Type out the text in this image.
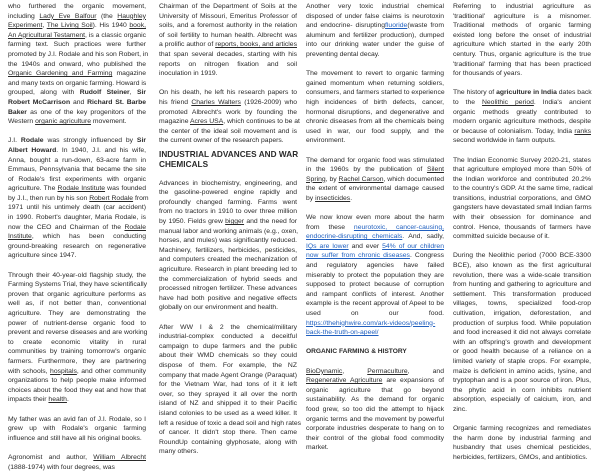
who furthered the organic movement,
including Lady Eve Balfour (the Haughley
Experiment, The Living Soil). His 1940 book,
An Agricultural Testament, is a classic organic
farming text. Such practices were further
promoted by J.I. Rodale and his son Robert, in
the 1940s and onward, who published the
Organic Gardening and Farming magazine
and many texts on organic farming. Howard is
grouped, along with Rudolf Steiner, Sir
Robert McCarrison and Richard St. Barbe
Baker as one of the key progenitors of the
Western organic agriculture movement.
J.I. Rodale was strongly influenced by Sir
Albert Howard. In 1940, J.I. and his wife,
Anna, bought a run-down, 63-acre farm in
Emmaus, Pennsylvania that became the site
of Rodale's first experiments with organic
agriculture. The Rodale Institute was founded
by J.I., then run by his son Robert Rodale from
1971 until his untimely death (car accident)
in 1990. Robert's daughter, Maria Rodale, is
now the CEO and Chairman of the Rodale
Institute, which has been conducting
ground-breaking research on regenerative
agriculture since 1947.
Through their 40-year-old flagship study, the
Farming Systems Trial, they have scientifically
proven that organic agriculture performs as
well as, if not better than, conventional
agriculture. They are demonstrating the
power of nutrient-dense organic food to
prevent and reverse diseases and are working
to create economic vitality in rural
communities by training tomorrow's organic
farmers. Furthermore, they are partnering
with schools, hospitals, and other community
organizations to help people make informed
choices about the food they eat and how that
impacts their health.
My father was an avid fan of J.I. Rodale, so I
grew up with Rodale's organic farming
influence and still have all his original books.
Agronomist and author, William Albrecht
(1888-1974) with four degrees, was
Chairman of the Department of Soils at the
University of Missouri, Emeritus Professor of
soils, and a foremost authority in the relation
of soil fertility to human health. Albrecht was
a prolific author of reports, books, and articles
that span several decades, starting with his
reports on nitrogen fixation and soil
inoculation in 1919.
On his death, he left his research papers to
his friend Charles Walters (1926-2009) who
promoted Albrecht's work by founding the
magazine Acres USA, which continues to be at
the center of the ideal soil movement and is
the current owner of the research papers.
INDUSTRIAL ADVANCES AND WAR
CHEMICALS
Advances in biochemistry, engineering, and
the gasoline-powered engine rapidly and
profoundly changed farming. Farms went
from no tractors in 1910 to over three million
by 1950. Fields grew bigger and the need for
manual labor and working animals (e.g., oxen,
horses, and mules) was significantly reduced.
Machinery, fertilizers, herbicides, pesticides,
and computers created the mechanization of
agriculture. Research in plant breeding led to
the commercialization of hybrid seeds and
processed nitrogen fertilizer. These advances
have had both positive and negative effects
globally on our environment and health.
After WW I & 2 the chemical/military
industrial-complex conducted a deceitful
campaign to dupe farmers and the public
about their WMD chemicals so they could
dispose of them. For example, the NZ
company that made Agent Orange (Paraquat)
for the Vietnam War, had tons of it it left
over, so they sprayed it all over the north
island of NZ and shipped it to their Pacific
island colonies to be used as a weed killer. It
left a residue of toxic a dead soil and high rates
of cancer. It didn't stop there. Then came
RoundUp containing glyphosate, along with
many others.
Another very toxic industrial chemical
disposed of under false claims is neurotoxin
and endocrine- disruptingfluoride(waste from
aluminum and fertilizer production), dumped
into our drinking water under the guise of
preventing dental decay.
The movement to revert to organic farming
gained momentum when returning soldiers,
consumers, and farmers started to experience
high incidences of birth defects, cancer,
hormonal disruptions, and degenerative and
chronic diseases from all the chemicals being
used in war, our food supply, and the
environment.
The demand for organic food was stimulated
in the 1960s by the publication of Silent
Spring, by Rachel Carson, which documented
the extent of environmental damage caused
by insecticides.
We now know even more about the harm
from these neurotoxic, cancer-causing,
endocrine-disrupting chemicals. And, sadly,
IQs are lower and ever 54% of our children
now suffer from chronic diseases. Congress
and regulatory agencies have failed
miserably to protect the population they are
supposed to protect because of corruption
and rampant conflicts of interest. Another
example is the recent approval of Apeel to be
used on our food.
https://thehighwire.com/ark-videos/peeling-
back-the-truth-on-apeel/
ORGANIC FARMING & HISTORY
BioDynamic, Permaculture, and
Regenerative Agriculture are expansions of
organic agriculture that go beyond
sustainability. As the demand for organic
food grew, so too did the attempt to hijack
organic terms and the movement by powerful
corporate industries desperate to hang on to
their control of the global food commodity
market.
Referring to industrial agriculture as
'traditional' agriculture is a misnomer.
Traditional methods of organic farming
existed long before the onset of industrial
agriculture which started in the early 20th
century. Thus, organic agriculture is the true
'traditional' farming that has been practiced
for thousands of years.
The history of agriculture in India dates back
to the Neolithic period. India's ancient
organic methods greatly contributed to
modern organic agriculture methods, despite
or because of colonialism. Today, India ranks
second worldwide in farm outputs.
The Indian Economic Survey 2020-21, states
that agriculture employed more than 50% of
the Indian workforce and contributed 20.2%
to the country's GDP. At the same time, radical
transitions, industrial corporations, and GMO
gangsters have devastated small Indian farms
with their obsession for dominance and
control. Hence, thousands of farmers have
committed suicide because of it.
During the Neolithic period (7000 BCE-3300
BCE), also known as the first agricultural
revolution, there was a wide-scale transition
from hunting and gathering to agriculture and
settlement. This transformation produced
villages, towns, specialized food-crop
cultivation, irrigation, deforestation, and
production of surplus food. While population
and food increased it did not always correlate
with an offspring's growth and development
or good health because of a reliance on a
limited variety of staple crops. For example,
maize is deficient in amino acids, lysine, and
tryptophan and is a poor source of iron. Plus,
the phytic acid in corn inhibits nutrient
absorption, especially of calcium, iron, and
zinc.
Organic farming recognizes and remediates
the harm done by industrial farming and
husbandry that uses chemical pesticides,
herbicides, fertilizers, GMOs, and antibiotics.
